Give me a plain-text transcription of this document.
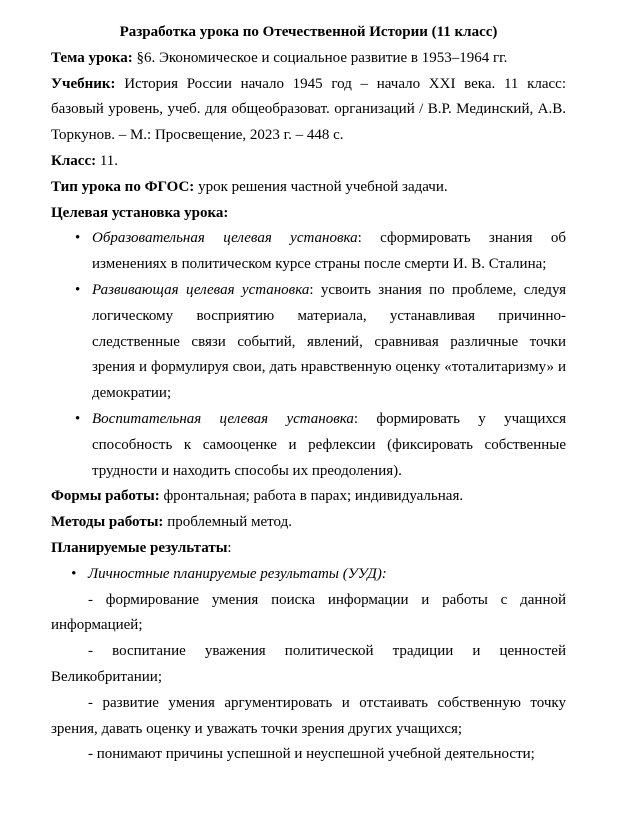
Разработка урока по Отечественной Истории (11 класс)

Тема урока: §6. Экономическое и социальное развитие в 1953–1964 гг.

Учебник: История России начало 1945 год – начало XXI века. 11 класс: базовый уровень, учеб. для общеобразоват. организаций / В.Р. Мединский, А.В. Торкунов. – М.: Просвещение, 2023 г. – 448 с.

Класс: 11.

Тип урока по ФГОС: урок решения частной учебной задачи.

Целевая установка урока:

• Образовательная целевая установка: сформировать знания об изменениях в политическом курсе страны после смерти И. В. Сталина;
• Развивающая целевая установка: усвоить знания по проблеме, следуя логическому восприятию материала, устанавливая причинно-следственные связи событий, явлений, сравнивая различные точки зрения и формулируя свои, дать нравственную оценку «тоталитаризму» и демократии;
• Воспитательная целевая установка: формировать у учащихся способность к самооценке и рефлексии (фиксировать собственные трудности и находить способы их преодоления).

Формы работы: фронтальная; работа в парах; индивидуальная.

Методы работы: проблемный метод.

Планируемые результаты:

• Личностные планируемые результаты (УУД):

- формирование умения поиска информации и работы с данной информацией;

- воспитание уважения политической традиции и ценностей Великобритании;

- развитие умения аргументировать и отстаивать собственную точку зрения, давать оценку и уважать точки зрения других учащихся;

- понимают причины успешной и неуспешной учебной деятельности;
